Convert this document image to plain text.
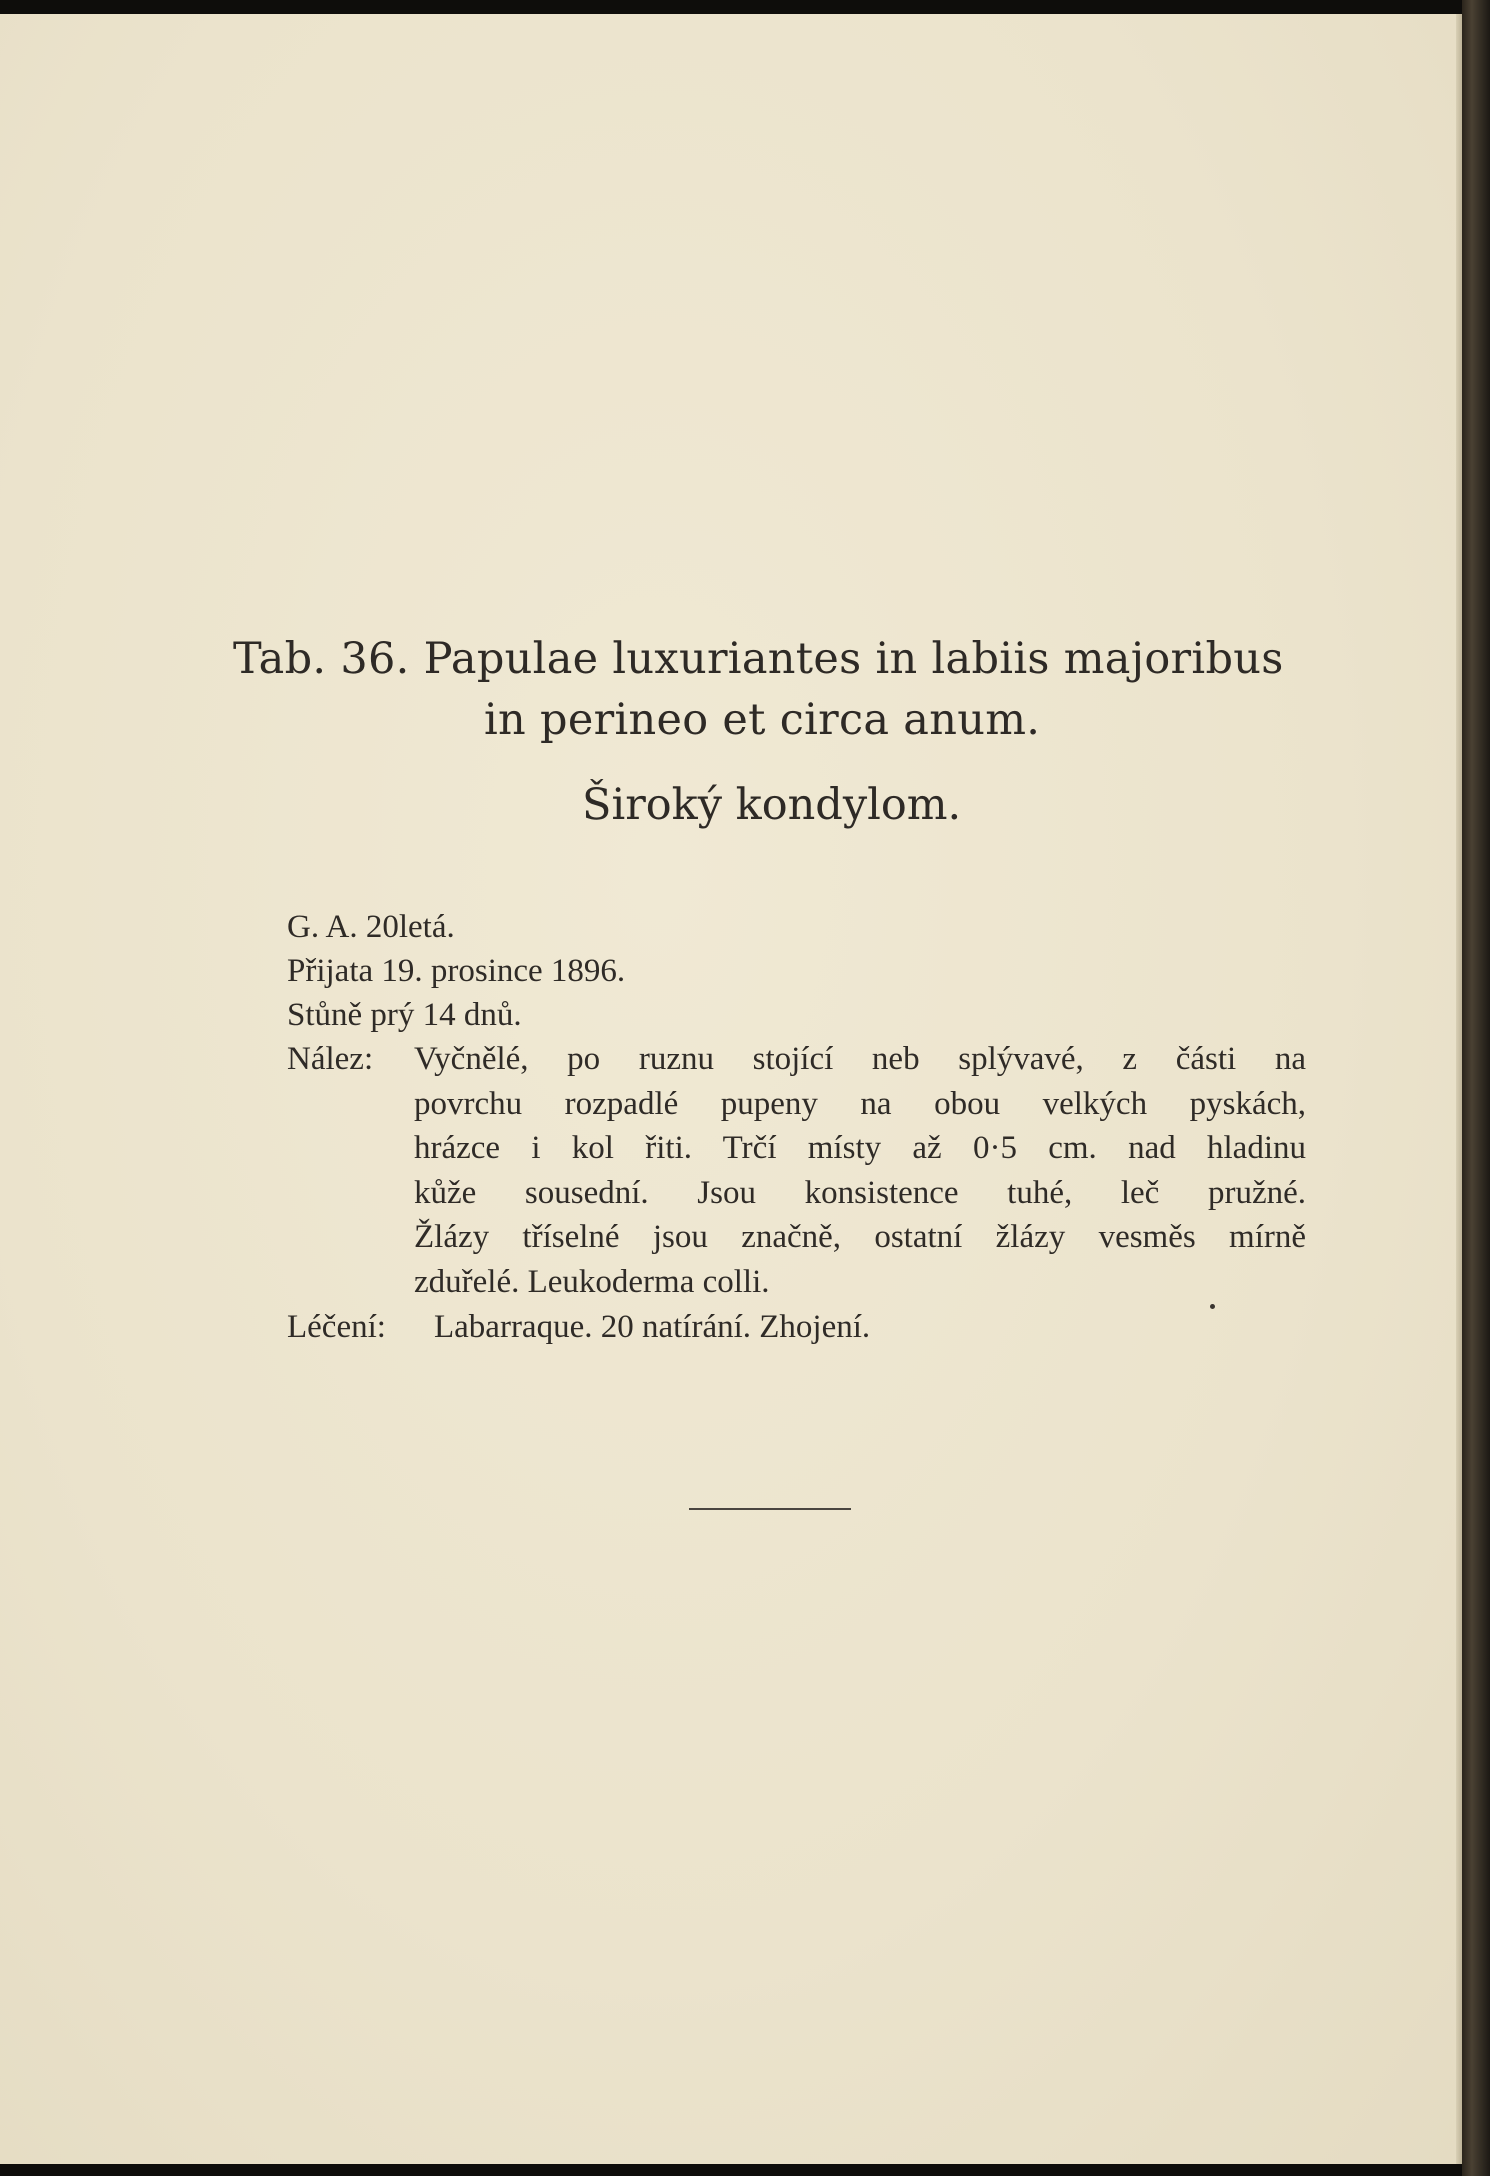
Tab. 36. Papulae luxuriantes in labiis majoribus
in perineo et circa anum.
Široký kondylom.
G. A. 20letá.
Přijata 19. prosince 1896.
Stůně prý 14 dnů.
Nález: Vyčnělé, po ruznu stojící neb splývavé, z části na
povrchu rozpadlé pupeny na obou velkých pyskách,
hrázce i kol řiti. Trčí místy až 0·5 cm. nad hladinu
kůže sousední. Jsou konsistence tuhé, leč pružné.
Žlázy tříselné jsou značně, ostatní žlázy vesměs mírně
zduřelé. Leukoderma colli.
Léčení: Labarraque. 20 natírání. Zhojení.
